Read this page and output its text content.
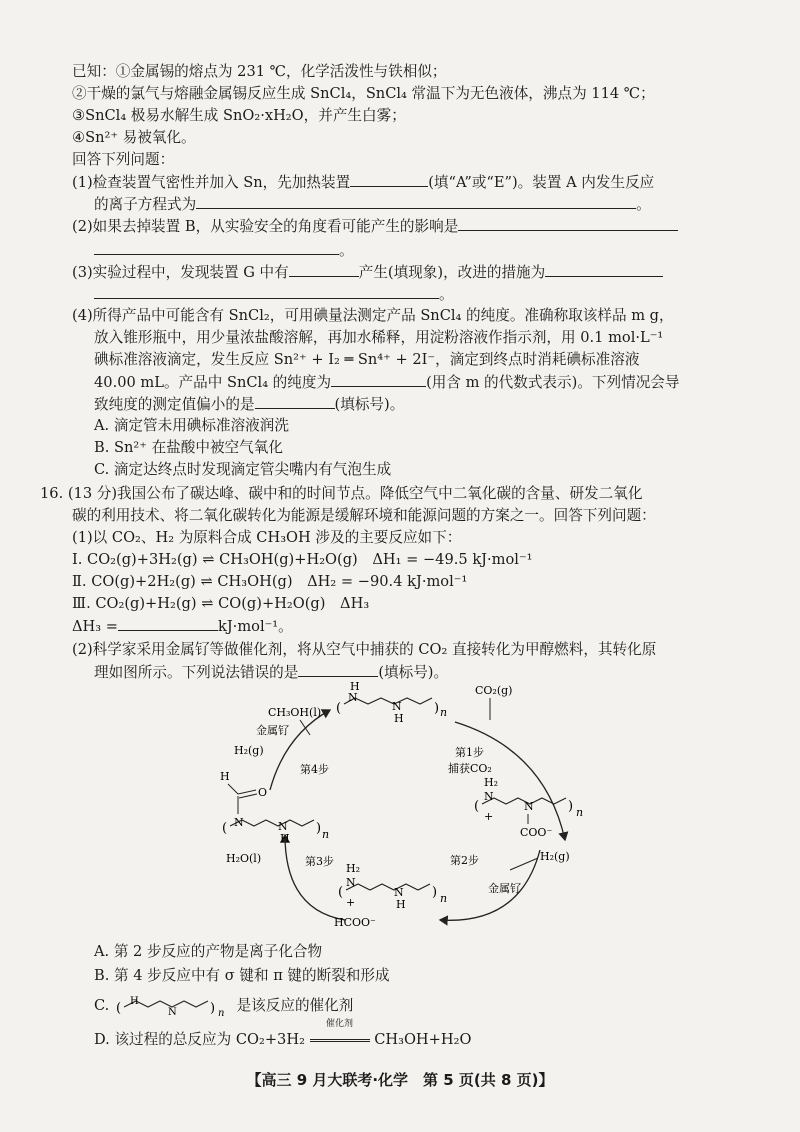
已知：①金属锡的熔点为 231 ℃，化学活泼性与铁相似；
②干燥的氯气与熔融金属锡反应生成 SnCl₄，SnCl₄ 常温下为无色液体，沸点为 114 ℃；
③SnCl₄ 极易水解生成 SnO₂·xH₂O，并产生白雾；
④Sn²⁺ 易被氧化。
回答下列问题：
(1)检查装置气密性并加入 Sn，先加热装置	(填“A”或“E”)。装置 A 内发生反应
的离子方程式为	。
(2)如果去掉装置 B，从实验安全的角度看可能产生的影响是
。
(3)实验过程中，发现装置 G 中有	产生(填现象)，改进的措施为
。
(4)所得产品中可能含有 SnCl₂，可用碘量法测定产品 SnCl₄ 的纯度。准确称取该样品 m g，
放入锥形瓶中，用少量浓盐酸溶解，再加水稀释，用淀粉溶液作指示剂，用 0.1 mol·L⁻¹
碘标准溶液滴定，发生反应 Sn²⁺ + I₂ ═ Sn⁴⁺ + 2I⁻，滴定到终点时消耗碘标准溶液
40.00 mL。产品中 SnCl₄ 的纯度为	(用含 m 的代数式表示)。下列情况会导
致纯度的测定值偏小的是	(填标号)。
A. 滴定管未用碘标准溶液润洗
B. Sn²⁺ 在盐酸中被空气氧化
C. 滴定达终点时发现滴定管尖嘴内有气泡生成
16. (13 分)我国公布了碳达峰、碳中和的时间节点。降低空气中二氧化碳的含量、研发二氧化
碳的利用技术、将二氧化碳转化为能源是缓解环境和能源问题的方案之一。回答下列问题：
(1)以 CO₂、H₂ 为原料合成 CH₃OH 涉及的主要反应如下：
Ⅰ. CO₂(g)+3H₂(g) ⇌ CH₃OH(g)+H₂O(g)　ΔH₁ = −49.5 kJ·mol⁻¹
Ⅱ. CO(g)+2H₂(g) ⇌ CH₃OH(g)　ΔH₂ = −90.4 kJ·mol⁻¹
Ⅲ. CO₂(g)+H₂(g) ⇌ CO(g)+H₂O(g)　ΔH₃
ΔH₃ =	kJ·mol⁻¹。
(2)科学家采用金属钌等做催化剂，将从空气中捕获的 CO₂ 直接转化为甲醇燃料，其转化原
理如图所示。下列说法错误的是	(填标号)。
(	) n
H
N
N
H
CO₂(g)
CH₃OH(l)
第1步
捕获CO₂
(	) n
H₂
N
+
N
COO⁻
第2步	H₂(g)
金属钌
(	) n
H₂
N
+
N
H
HCOO⁻
第3步
H₂O(l)
H
O
(	) n
N	N
H
第4步
H₂(g)
金属钌
A. 第 2 步反应的产物是离子化合物
B. 第 4 步反应中有 σ 键和 π 键的断裂和形成
C. (	) n
H
N	是该反应的催化剂
D. 该过程的总反应为 CO₂+3H₂
催化剂
CH₃OH+H₂O
【高三 9 月大联考·化学　第 5 页(共 8 页)】
